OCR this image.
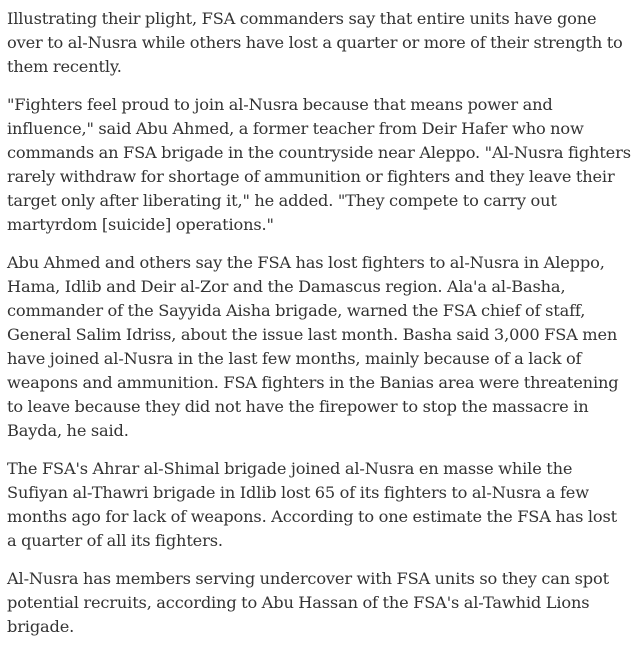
Illustrating their plight, FSA commanders say that entire units have gone over to al-Nusra while others have lost a quarter or more of their strength to them recently.

"Fighters feel proud to join al-Nusra because that means power and influence," said Abu Ahmed, a former teacher from Deir Hafer who now commands an FSA brigade in the countryside near Aleppo. "Al-Nusra fighters rarely withdraw for shortage of ammunition or fighters and they leave their target only after liberating it," he added. "They compete to carry out martyrdom [suicide] operations."

Abu Ahmed and others say the FSA has lost fighters to al-Nusra in Aleppo, Hama, Idlib and Deir al-Zor and the Damascus region. Ala'a al-Basha, commander of the Sayyida Aisha brigade, warned the FSA chief of staff, General Salim Idriss, about the issue last month. Basha said 3,000 FSA men have joined al-Nusra in the last few months, mainly because of a lack of weapons and ammunition. FSA fighters in the Banias area were threatening to leave because they did not have the firepower to stop the massacre in Bayda, he said.

The FSA's Ahrar al-Shimal brigade joined al-Nusra en masse while the Sufiyan al-Thawri brigade in Idlib lost 65 of its fighters to al-Nusra a few months ago for lack of weapons. According to one estimate the FSA has lost a quarter of all its fighters.

Al-Nusra has members serving undercover with FSA units so they can spot potential recruits, according to Abu Hassan of the FSA's al-Tawhid Lions brigade.
